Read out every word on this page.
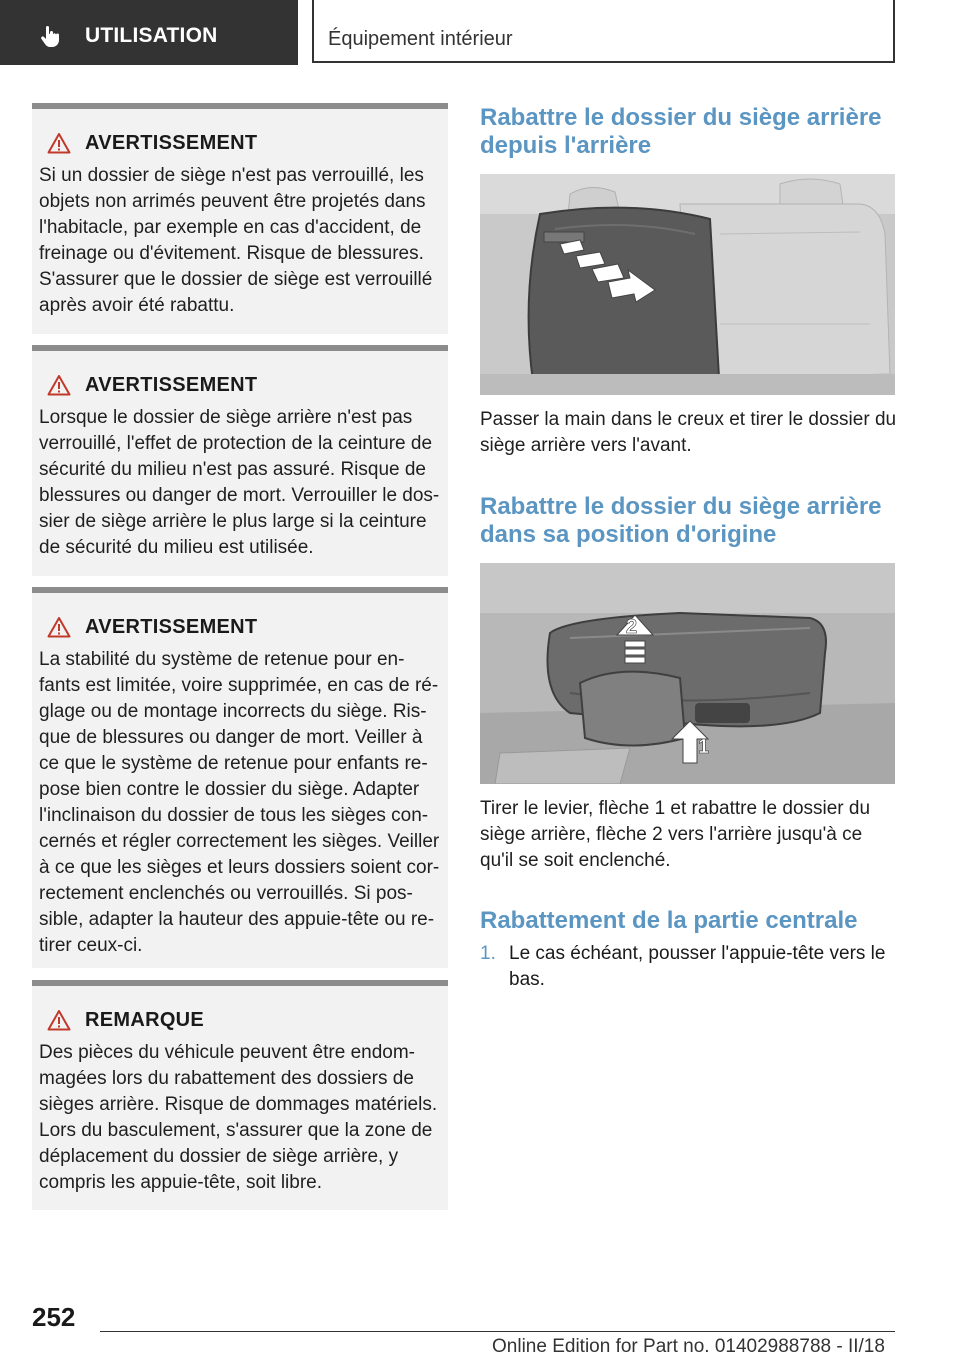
UTILISATION	Équipement intérieur
AVERTISSEMENT

Si un dossier de siège n'est pas verrouillé, les
objets non arrimés peuvent être projetés dans
l'habitacle, par exemple en cas d'accident, de
freinage ou d'évitement. Risque de blessures.
S'assurer que le dossier de siège est verrouillé
après avoir été rabattu.

AVERTISSEMENT

Lorsque le dossier de siège arrière n'est pas
verrouillé, l'effet de protection de la ceinture de
sécurité du milieu n'est pas assuré. Risque de
blessures ou danger de mort. Verrouiller le dos-
sier de siège arrière le plus large si la ceinture
de sécurité du milieu est utilisée.

AVERTISSEMENT

La stabilité du système de retenue pour en-
fants est limitée, voire supprimée, en cas de ré-
glage ou de montage incorrects du siège. Ris-
que de blessures ou danger de mort. Veiller à
ce que le système de retenue pour enfants re-
pose bien contre le dossier du siège. Adapter
l'inclinaison du dossier de tous les sièges con-
cernés et régler correctement les sièges. Veiller
à ce que les sièges et leurs dossiers soient cor-
rectement enclenchés ou verrouillés. Si pos-
sible, adapter la hauteur des appuie-tête ou re-
tirer ceux-ci.

REMARQUE

Des pièces du véhicule peuvent être endom-
magées lors du rabattement des dossiers de
sièges arrière. Risque de dommages matériels.
Lors du basculement, s'assurer que la zone de
déplacement du dossier de siège arrière, y
compris les appuie-tête, soit libre.

Rabattre le dossier du siège arrière
depuis l'arrière

Passer la main dans le creux et tirer le dossier du
siège arrière vers l'avant.

Rabattre le dossier du siège arrière
dans sa position d'origine
2
1

Tirer le levier, flèche 1 et rabattre le dossier du
siège arrière, flèche 2 vers l'arrière jusqu'à ce
qu'il se soit enclenché.

Rabattement de la partie centrale
1. Le cas échéant, pousser l'appuie-tête vers le
bas.
252
Online Edition for Part no. 01402988788 - II/18
